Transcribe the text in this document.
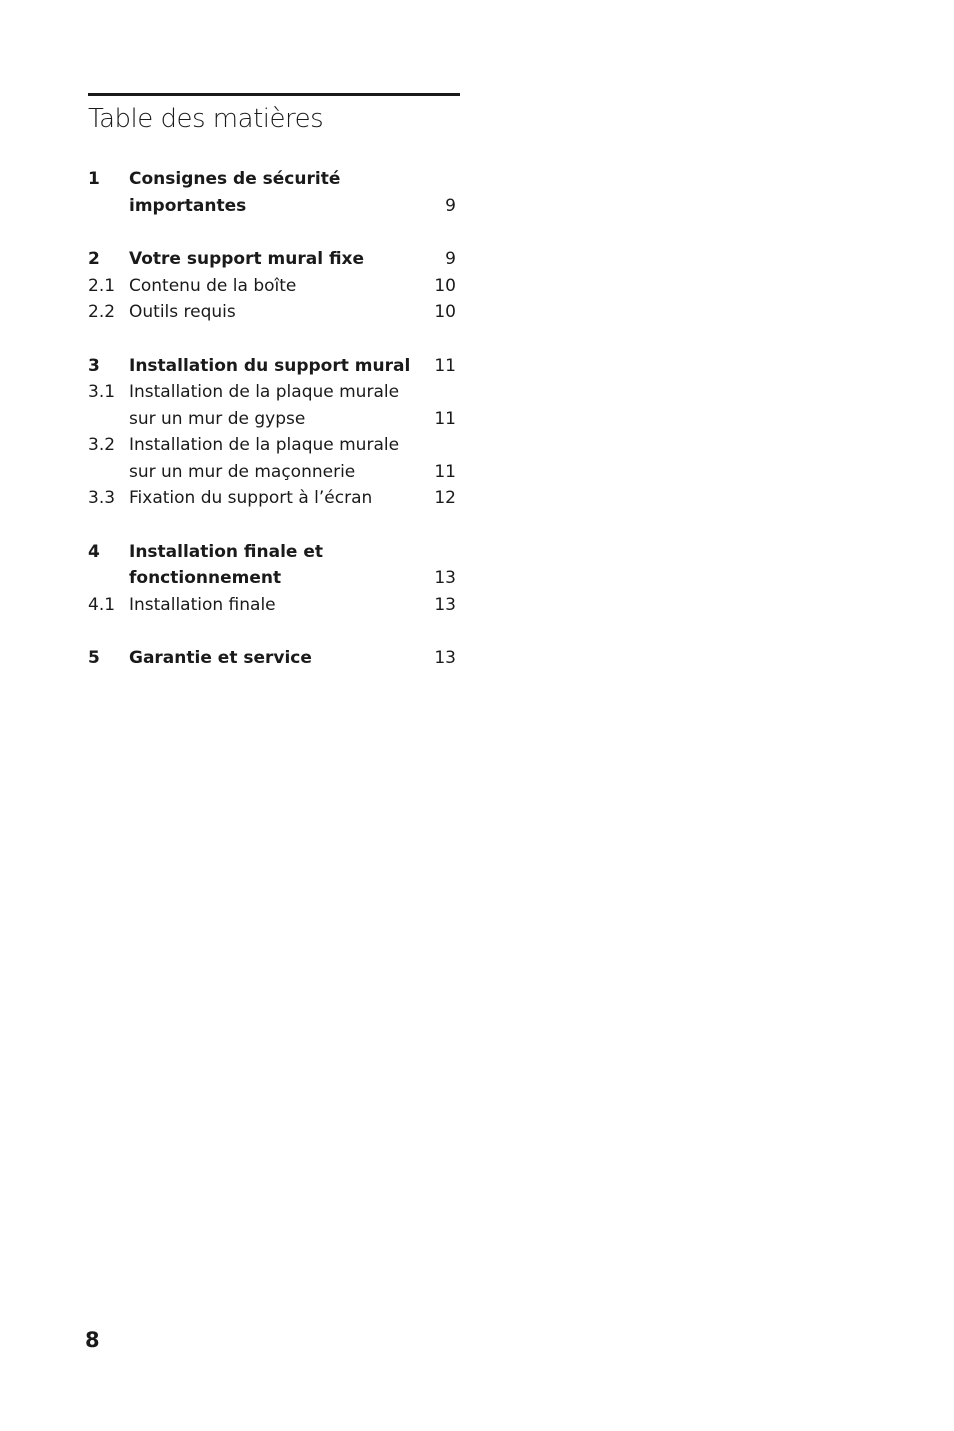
Table des matières
1	Consignes de sécurité
importantes	9
2	Votre support mural fixe	9
2.1 Contenu de la boîte	10
2.2 Outils requis	10
3	Installation du support mural	11
3.1 Installation de la plaque murale
sur un mur de gypse	11
3.2 Installation de la plaque murale
sur un mur de maçonnerie	11
3.3 Fixation du support à l’écran	12
4	Installation finale et
fonctionnement	13
4.1 Installation finale	13
5	Garantie et service	13
8
